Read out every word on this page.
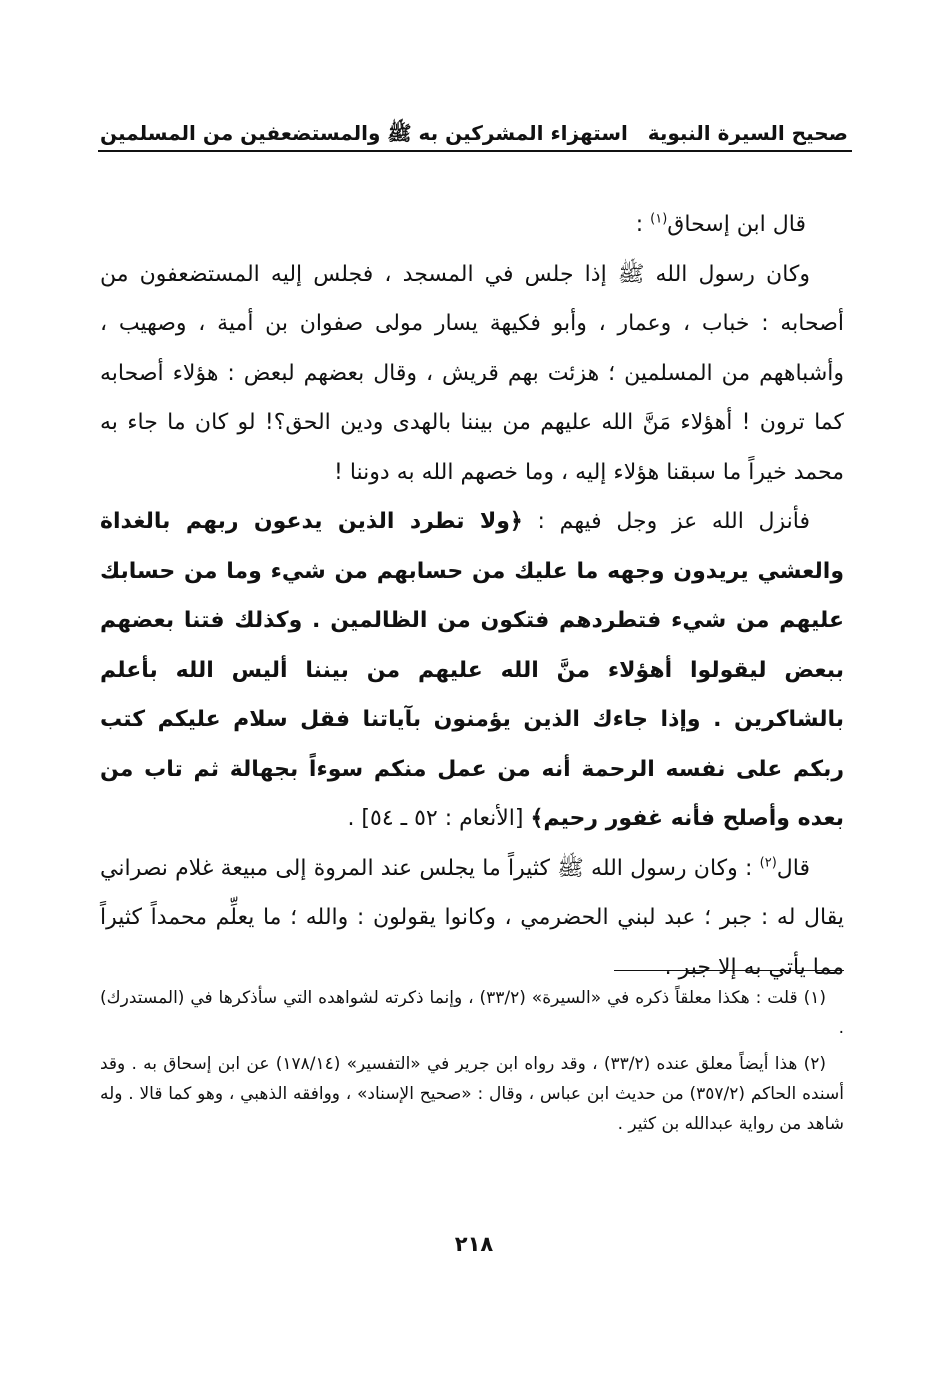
صحيح السيرة النبوية
استهزاء المشركين به ﷺ والمستضعفين من المسلمين

قال ابن إسحاق$^{(١)}$ :

وكان رسول الله ﷺ إذا جلس في المسجد ، فجلس إليه المستضعفون من أصحابه : خباب ، وعمار ، وأبو فكيهة يسار مولى صفوان بن أمية ، وصهيب ، وأشباههم من المسلمين ؛ هزئت بهم قريش ، وقال بعضهم لبعض : هؤلاء أصحابه كما ترون ! أهؤلاء مَنَّ الله عليهم من بيننا بالهدى ودين الحق؟! لو كان ما جاء به محمد خيراً ما سبقنا هؤلاء إليه ، وما خصهم الله به دوننا !

فأنزل الله عز وجل فيهم : ﴿ولا تطرد الذين يدعون ربهم بالغداة والعشي يريدون وجهه ما عليك من حسابهم من شيء وما من حسابك عليهم من شيء فتطردهم فتكون من الظالمين . وكذلك فتنا بعضهم ببعض ليقولوا أهؤلاء منَّ الله عليهم من بيننا أليس الله بأعلم بالشاكرين . وإذا جاءك الذين يؤمنون بآياتنا فقل سلام عليكم كتب ربكم على نفسه الرحمة أنه من عمل منكم سوءاً بجهالة ثم تاب من بعده وأصلح فأنه غفور رحيم﴾ [الأنعام : ٥٢ ـ ٥٤] .

قال$^{(٢)}$ : وكان رسول الله ﷺ كثيراً ما يجلس عند المروة إلى مبيعة غلام نصراني يقال له : جبر ؛ عبد لبني الحضرمي ، وكانوا يقولون : والله ؛ ما يعلِّم محمداً كثيراً مما يأتي به إلا جبر .

(١) قلت : هكذا معلقاً ذكره في «السيرة» (٣٣/٢) ، وإنما ذكرته لشواهده التي سأذكرها في (المستدرك) .

(٢) هذا أيضاً معلق عنده (٣٣/٢) ، وقد رواه ابن جرير في «التفسير» (١٧٨/١٤) عن ابن إسحاق به . وقد أسنده الحاكم (٣٥٧/٢) من حديث ابن عباس ، وقال : «صحيح الإسناد» ، ووافقه الذهبي ، وهو كما قالا . وله شاهد من رواية عبدالله بن كثير .

٢١٨
